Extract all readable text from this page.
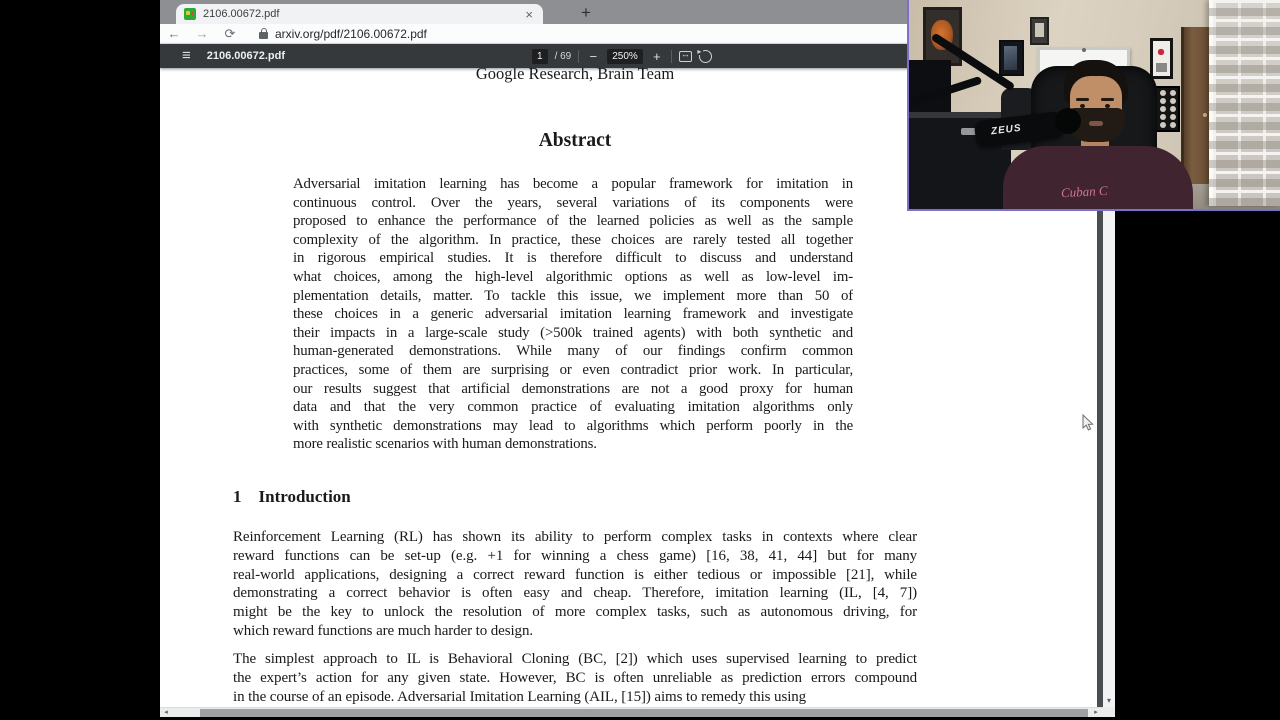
2106.00672.pdf	×	+
←	→	⟳	arxiv.org/pdf/2106.00672.pdf
≡ 2106.00672.pdf	1	/ 69 −	250%	+
↔
▸
Google Research, Brain Team
Abstract
Adversarial imitation learning has become a popular framework for imitation in
continuous control. Over the years, several variations of its components were
proposed to enhance the performance of the learned policies as well as the sample
complexity of the algorithm. In practice, these choices are rarely tested all together
in rigorous empirical studies. It is therefore difficult to discuss and understand
what choices, among the high-level algorithmic options as well as low-level im-
plementation details, matter. To tackle this issue, we implement more than 50 of
these choices in a generic adversarial imitation learning framework and investigate
their impacts in a large-scale study (>500k trained agents) with both synthetic and
human-generated demonstrations. While many of our findings confirm common
practices, some of them are surprising or even contradict prior work. In particular,
our results suggest that artificial demonstrations are not a good proxy for human
data and that the very common practice of evaluating imitation algorithms only
with synthetic demonstrations may lead to algorithms which perform poorly in the
more realistic scenarios with human demonstrations.
1 Introduction
Reinforcement Learning (RL) has shown its ability to perform complex tasks in contexts where clear
reward functions can be set-up (e.g. +1 for winning a chess game) [16, 38, 41, 44] but for many
real-world applications, designing a correct reward function is either tedious or impossible [21], while
demonstrating a correct behavior is often easy and cheap. Therefore, imitation learning (IL, [4, 7])
might be the key to unlock the resolution of more complex tasks, such as autonomous driving, for
which reward functions are much harder to design.
The simplest approach to IL is Behavioral Cloning (BC, [2]) which uses supervised learning to predict
the expert’s action for any given state. However, BC is often unreliable as prediction errors compound
in the course of an episode. Adversarial Imitation Learning (AIL, [15]) aims to remedy this using	▾
◂	▸
Cuban C
ZEUS
